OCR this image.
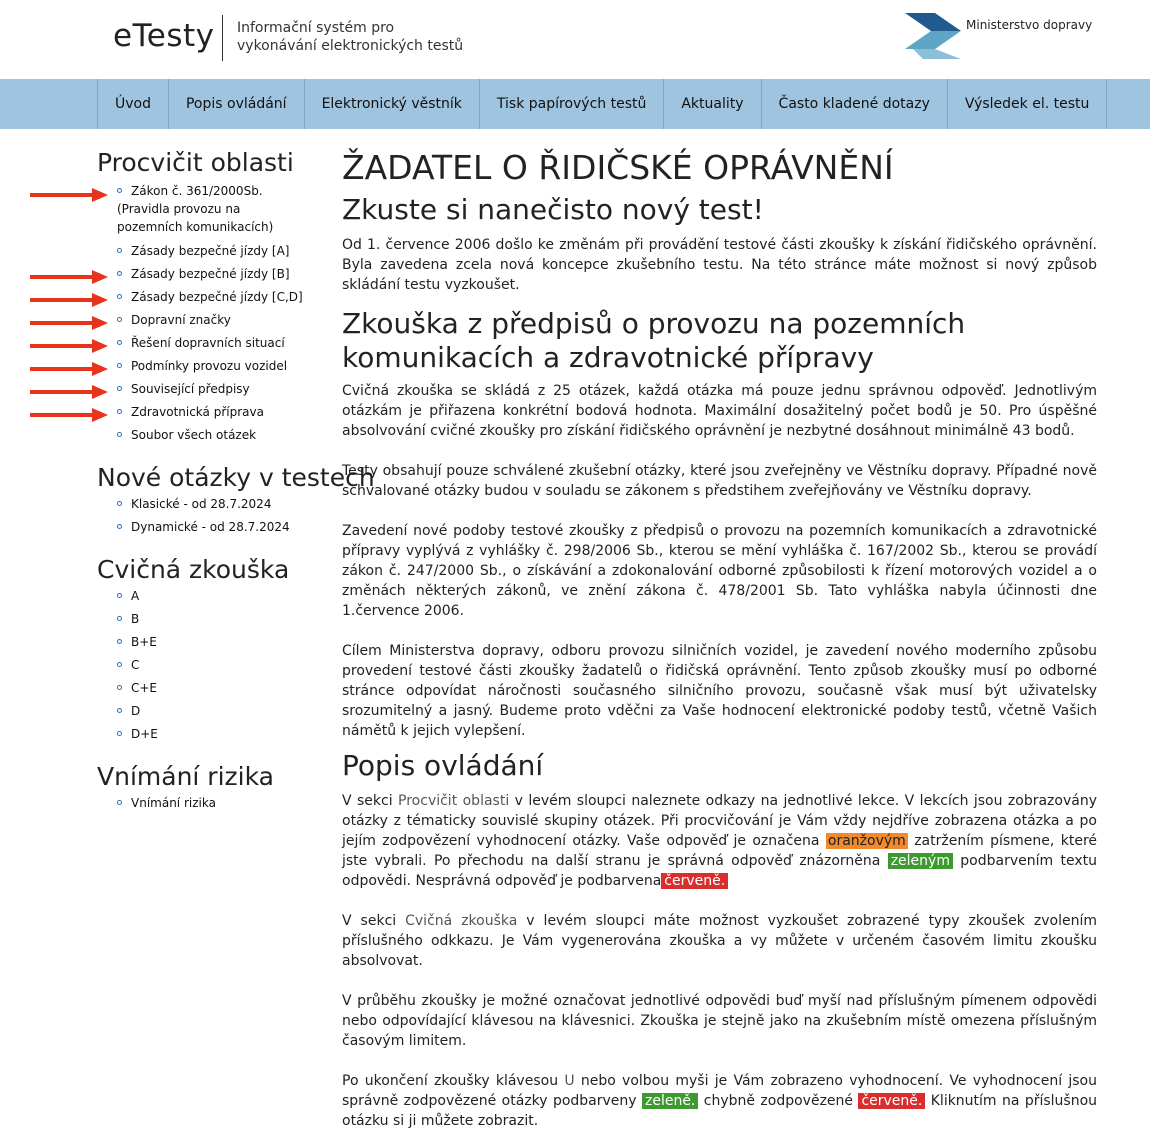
eTesty Informační systém pro vykonávání elektronických testů
Ministerstvo dopravy
Úvod	Popis ovládání	Elektronický věstník	Tisk papírových testů	Aktuality	Často kladené dotazy	Výsledek el. testu
Procvičit oblasti
Zákon č. 361/2000Sb. (Pravidla provozu na pozemních komunikacích)
Zásady bezpečné jízdy [A]
Zásady bezpečné jízdy [B]
Zásady bezpečné jízdy [C,D]
Dopravní značky
Řešení dopravních situací
Podmínky provozu vozidel
Související předpisy
Zdravotnická příprava
Soubor všech otázek
Nové otázky v testech
Klasické - od 28.7.2024
Dynamické - od 28.7.2024
Cvičná zkouška
A
B
B+E
C
C+E
D
D+E
Vnímání rizika
Vnímání rizika
ŽADATEL O ŘIDIČSKÉ OPRÁVNĚNÍ
Zkuste si nanečisto nový test!

Od 1. července 2006 došlo ke změnám při provádění testové části zkoušky k získání řidičského oprávnění. Byla zavedena zcela nová koncepce zkušebního testu. Na této stránce máte možnost si nový způsob skládání testu vyzkoušet.

Zkouška z předpisů o provozu na pozemních komunikacích a zdravotnické přípravy

Cvičná zkouška se skládá z 25 otázek, každá otázka má pouze jednu správnou odpověď. Jednotlivým otázkám je přiřazena konkrétní bodová hodnota. Maximální dosažitelný počet bodů je 50. Pro úspěšné absolvování cvičné zkoušky pro získání řidičského oprávnění je nezbytné dosáhnout minimálně 43 bodů.

Testy obsahují pouze schválené zkušební otázky, které jsou zveřejněny ve Věstníku dopravy. Případné nově schvalované otázky budou v souladu se zákonem s předstihem zveřejňovány ve Věstníku dopravy.

Zavedení nové podoby testové zkoušky z předpisů o provozu na pozemních komunikacích a zdravotnické přípravy vyplývá z vyhlášky č. 298/2006 Sb., kterou se mění vyhláška č. 167/2002 Sb., kterou se provádí zákon č. 247/2000 Sb., o získávání a zdokonalování odborné způsobilosti k řízení motorových vozidel a o změnách některých zákonů, ve znění zákona č. 478/2001 Sb. Tato vyhláška nabyla účinnosti dne 1.července 2006.

Cílem Ministerstva dopravy, odboru provozu silničních vozidel, je zavedení nového moderního způsobu provedení testové části zkoušky žadatelů o řidičská oprávnění. Tento způsob zkoušky musí po odborné stránce odpovídat náročnosti současného silničního provozu, současně však musí být uživatelsky srozumitelný a jasný. Budeme proto vděčni za Vaše hodnocení elektronické podoby testů, včetně Vašich námětů k jejich vylepšení.

Popis ovládání

V sekci Procvičit oblasti v levém sloupci naleznete odkazy na jednotlivé lekce. V lekcích jsou zobrazovány otázky z tématicky souvislé skupiny otázek. Při procvičování je Vám vždy nejdříve zobrazena otázka a po jejím zodpovězení vyhodnocení otázky. Vaše odpověď je označena oranžovým zatržením písmene, které jste vybrali. Po přechodu na další stranu je správná odpověď znázorněna zeleným podbarvením textu odpovědi. Nesprávná odpověď je podbarvena červeně.

V sekci Cvičná zkouška v levém sloupci máte možnost vyzkoušet zobrazené typy zkoušek zvolením příslušného odkkazu. Je Vám vygenerována zkouška a vy můžete v určeném časovém limitu zkoušku absolvovat.

V průběhu zkoušky je možné označovat jednotlivé odpovědi buď myší nad příslušným pímenem odpovědi nebo odpovídající klávesou na klávesnici. Zkouška je stejně jako na zkušebním místě omezena příslušným časovým limitem.

Po ukončení zkoušky klávesou U nebo volbou myši je Vám zobrazeno vyhodnocení. Ve vyhodnocení jsou správně zodpovězené otázky podbarveny zeleně. chybně zodpovězené červeně. Kliknutím na příslušnou otázku si ji můžete zobrazit.
